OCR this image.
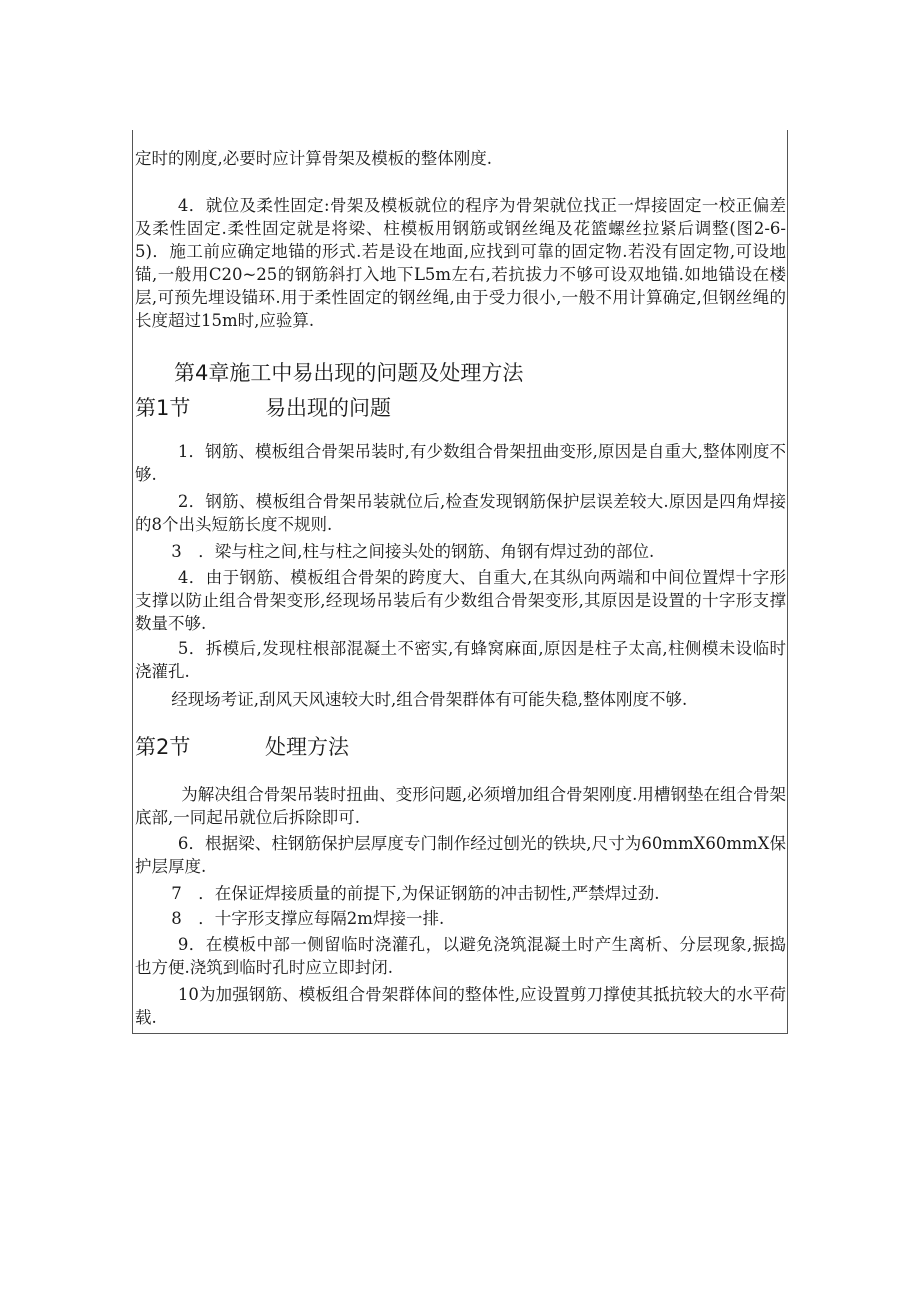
定时的刚度,必要时应计算骨架及模板的整体刚度.

4．就位及柔性固定:骨架及模板就位的程序为骨架就位找正一焊接固定一校正偏差及柔性固定.柔性固定就是将梁、柱模板用钢筋或钢丝绳及花篮螺丝拉紧后调整(图2-6-5)．施工前应确定地锚的形式.若是设在地面,应找到可靠的固定物.若没有固定物,可设地锚,一般用C20~25的钢筋斜打入地下L5m左右,若抗拔力不够可设双地锚.如地锚设在楼层,可预先埋设锚环.用于柔性固定的钢丝绳,由于受力很小,一般不用计算确定,但钢丝绳的长度超过15m时,应验算.

第4章施工中易出现的问题及处理方法
第1节	易出现的问题

1．钢筋、模板组合骨架吊装时,有少数组合骨架扭曲变形,原因是自重大,整体刚度不够.

2．钢筋、模板组合骨架吊装就位后,检查发现钢筋保护层误差较大.原因是四角焊接的8个出头短筋长度不规则.

3　．梁与柱之间,柱与柱之间接头处的钢筋、角钢有焊过劲的部位.

4．由于钢筋、模板组合骨架的跨度大、自重大,在其纵向两端和中间位置焊十字形支撑以防止组合骨架变形,经现场吊装后有少数组合骨架变形,其原因是设置的十字形支撑数量不够.

5．拆模后,发现柱根部混凝土不密实,有蜂窝麻面,原因是柱子太高,柱侧模未设临时浇灌孔.

经现场考证,刮风天风速较大时,组合骨架群体有可能失稳,整体刚度不够.

第2节	处理方法

为解决组合骨架吊装时扭曲、变形问题,必须增加组合骨架刚度.用槽钢垫在组合骨架底部,一同起吊就位后拆除即可.

6．根据梁、柱钢筋保护层厚度专门制作经过刨光的铁块,尺寸为60mmX60mmX保护层厚度.

7　．在保证焊接质量的前提下,为保证钢筋的冲击韧性,严禁焊过劲.

8　．十字形支撑应每隔2m焊接一排.

9．在模板中部一侧留临时浇灌孔，以避免浇筑混凝土时产生离析、分层现象,振捣也方便.浇筑到临时孔时应立即封闭.

10为加强钢筋、模板组合骨架群体间的整体性,应设置剪刀撑使其抵抗较大的水平荷载.
